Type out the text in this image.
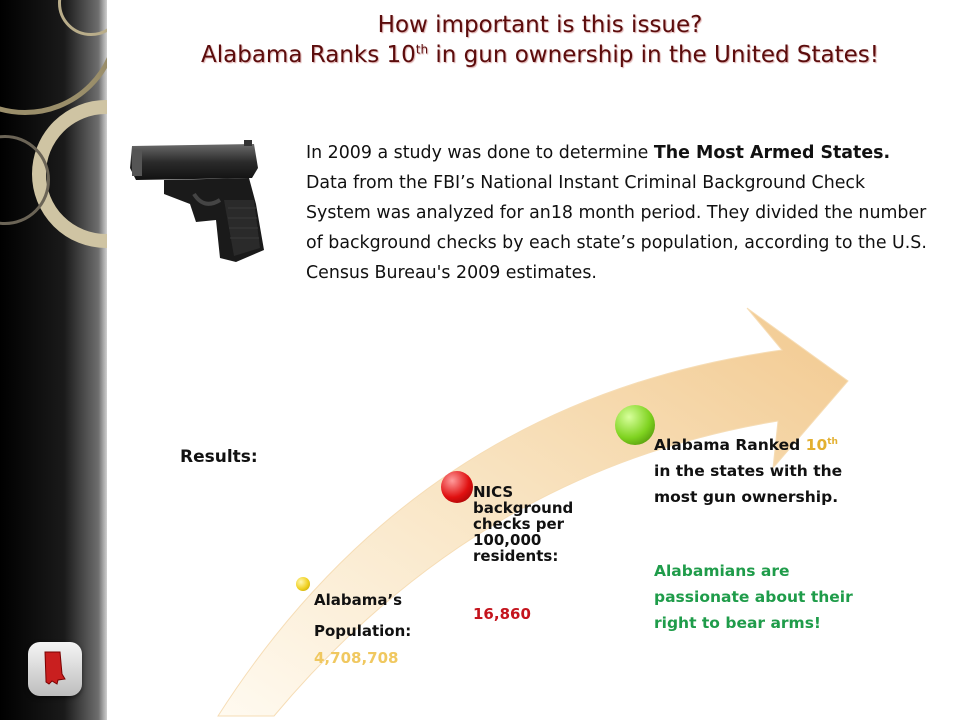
How important is this issue?
Alabama Ranks 10th in gun ownership in the United States!
In 2009 a study was done to determine The Most Armed States. Data from the FBI’s National Instant Criminal Background Check System was analyzed for an18 month period. They divided the number of background checks by each state’s population, according to the U.S. Census Bureau's 2009 estimates.
Results:
Alabama’s
Population:
4,708,708
NICS background checks per 100,000 residents:
16,860
Alabama Ranked 10th in the states with the most gun ownership.
Alabamians are passionate about their right to bear arms!
